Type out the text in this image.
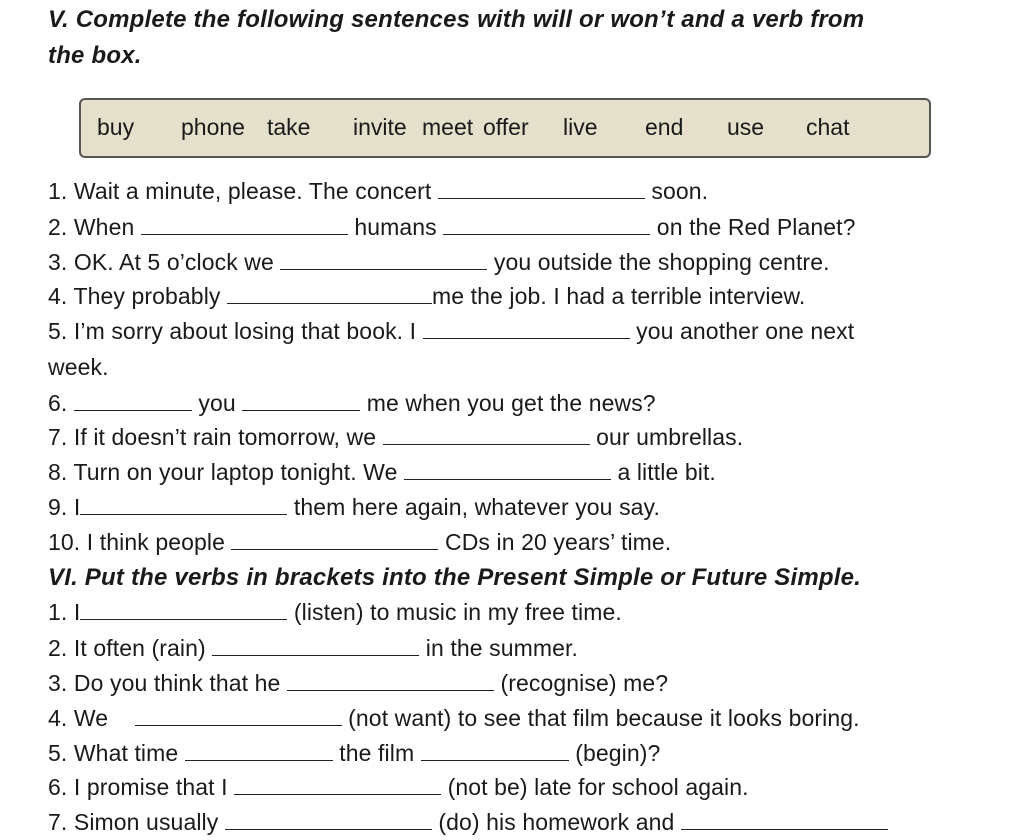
V. Complete the following sentences with will or won’t and a verb from
the box.
buy phone take invite meet offer live end use chat
1. Wait a minute, please. The concert	soon.
2. When	humans	on the Red Planet?
3. OK. At 5 o’clock we	you outside the shopping centre.
4. They probably	me the job. I had a terrible interview.
5. I’m sorry about losing that book. I	you another one next
week.
6.	you	me when you get the news?
7. If it doesn’t rain tomorrow, we	our umbrellas.
8. Turn on your laptop tonight. We	a little bit.
9. I	them here again, whatever you say.
10. I think people	CDs in 20 years’ time.
VI. Put the verbs in brackets into the Present Simple or Future Simple.
1. I	(listen) to music in my free time.
2. It often (rain)	in the summer.
3. Do you think that he	(recognise) me?
4. We	(not want) to see that film because it looks boring.
5. What time	the film	(begin)?
6. I promise that I	(not be) late for school again.
7. Simon usually	(do) his homework and
